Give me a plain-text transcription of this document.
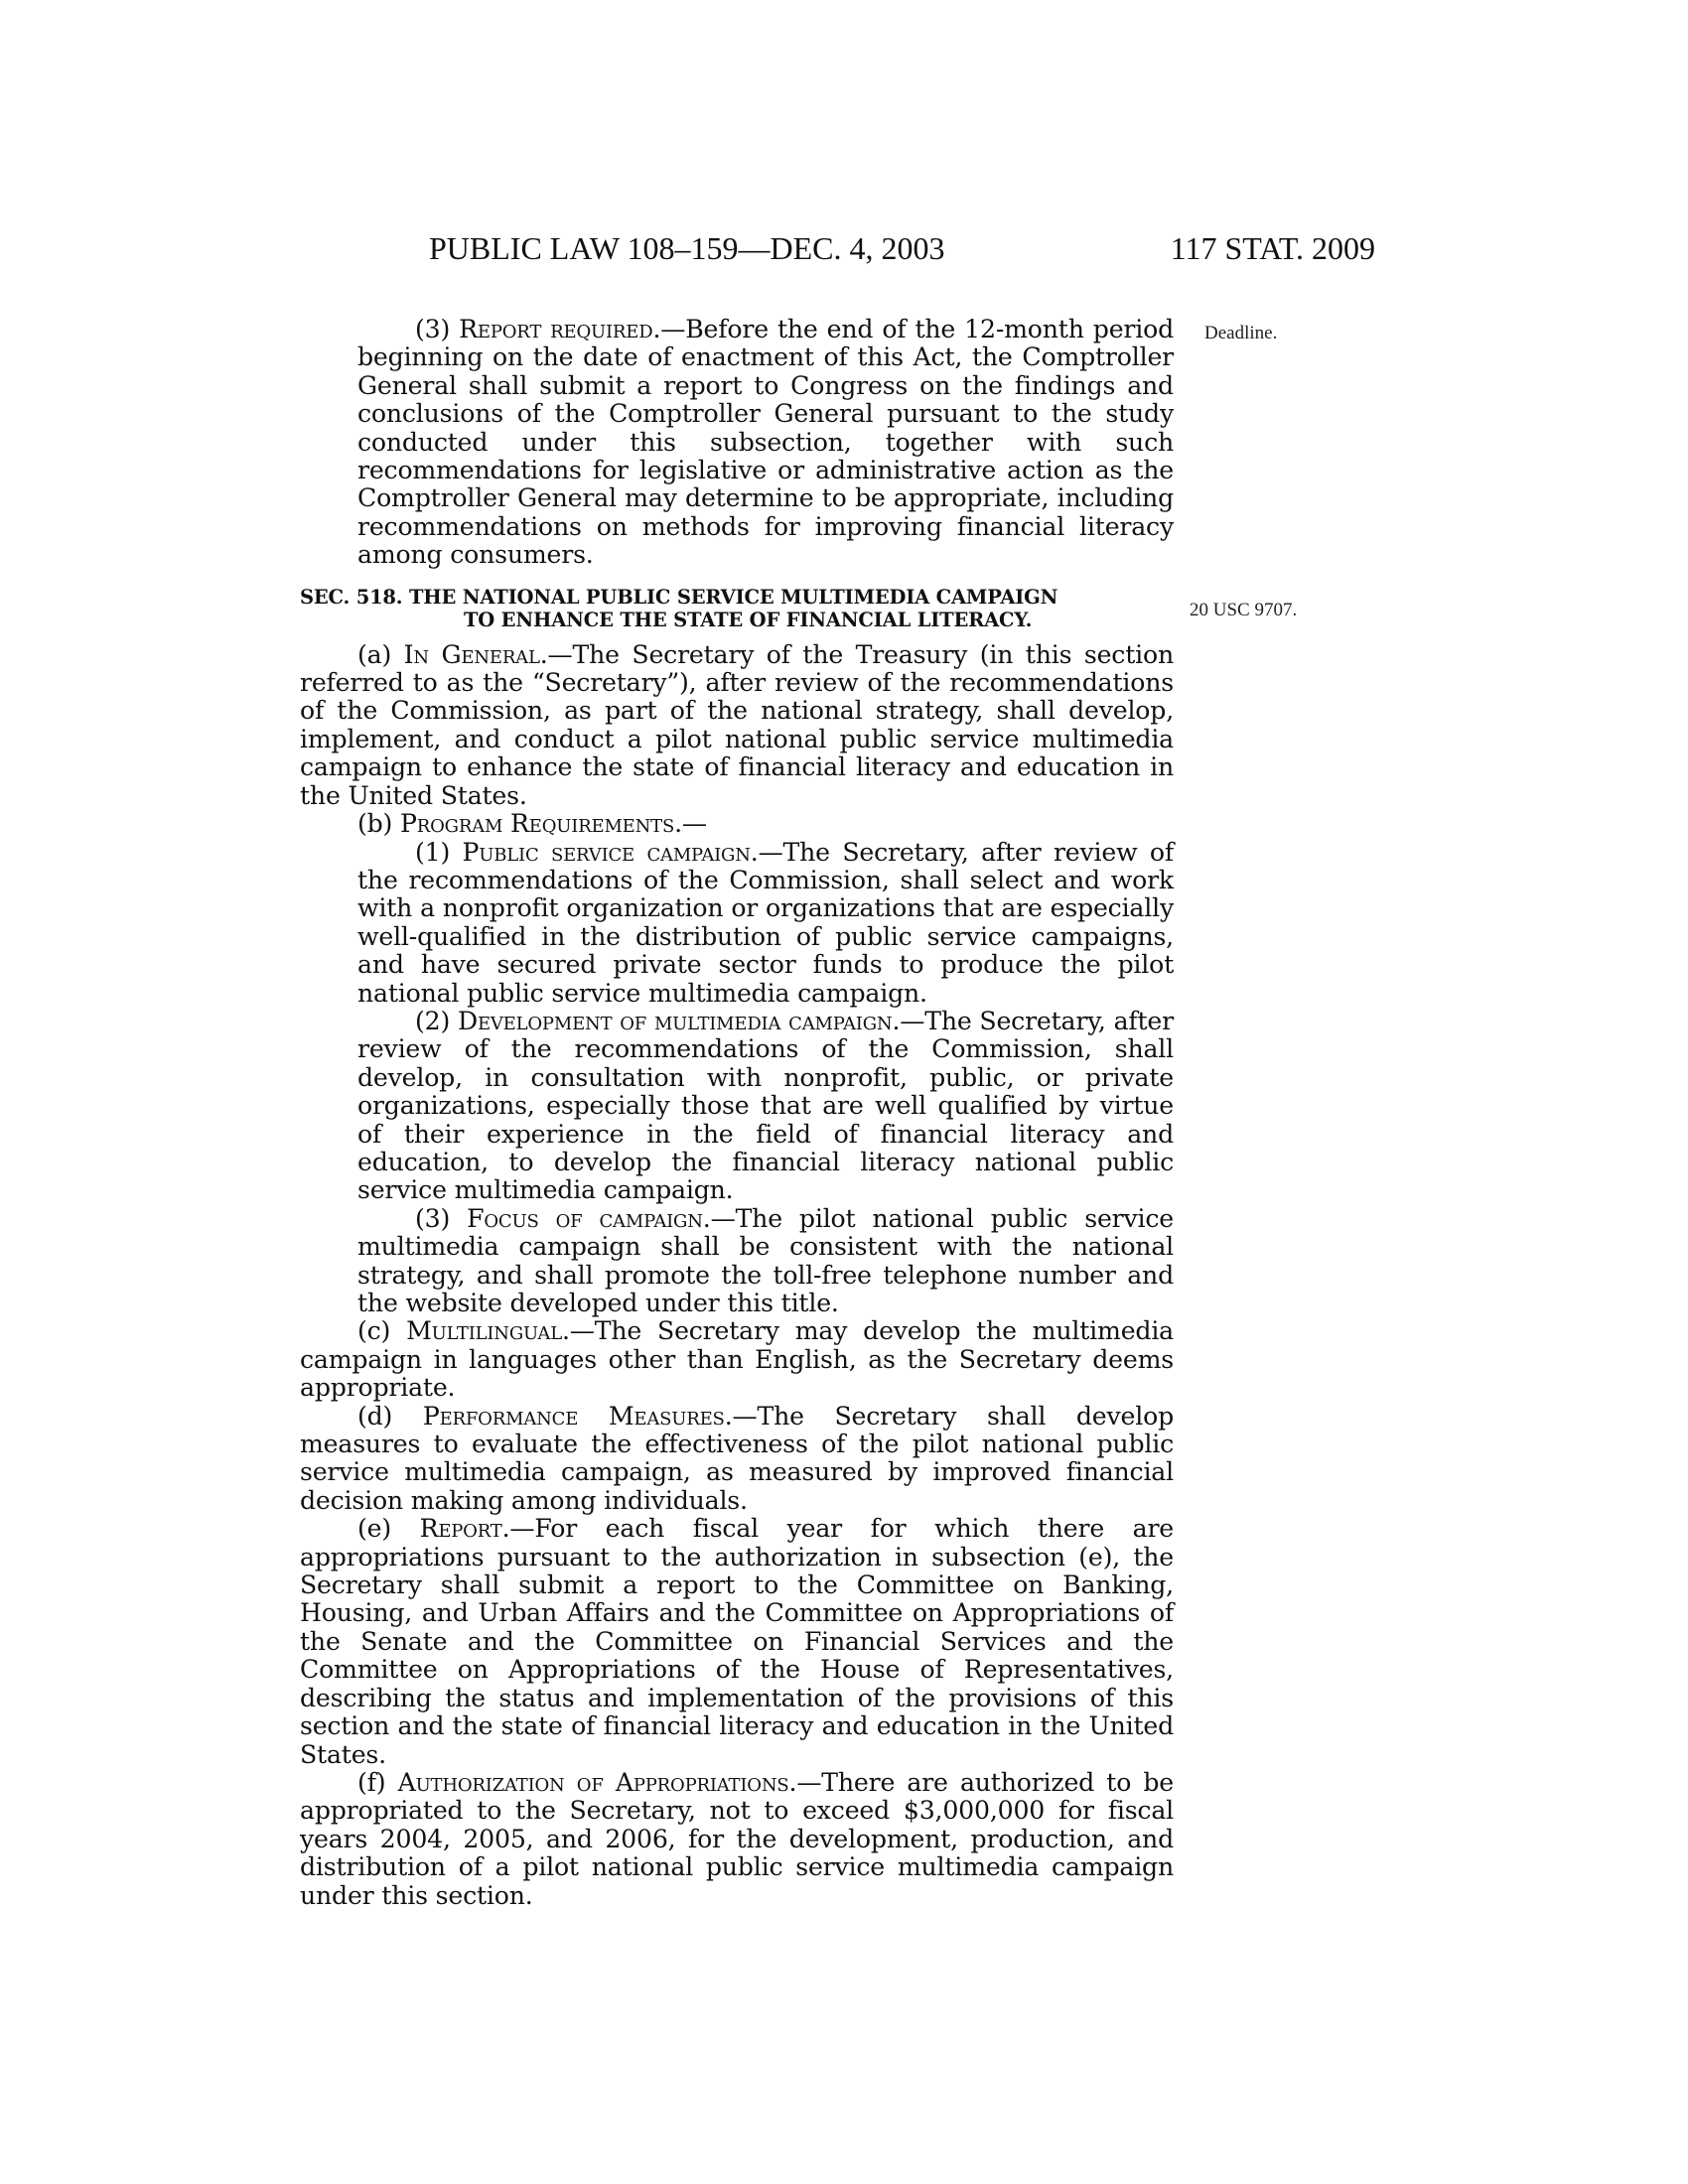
PUBLIC LAW 108–159—DEC. 4, 2003	117 STAT. 2009
Deadline.
20 USC 9707.

(3) Report required.—Before the end of the 12-month period beginning on the date of enactment of this Act, the Comptroller General shall submit a report to Congress on the findings and conclusions of the Comptroller General pursuant to the study conducted under this subsection, together with such recommendations for legislative or administrative action as the Comptroller General may determine to be appropriate, including recommendations on methods for improving financial literacy among consumers.

SEC. 518. THE NATIONAL PUBLIC SERVICE MULTIMEDIA CAMPAIGN
TO ENHANCE THE STATE OF FINANCIAL LITERACY.

(a) In General.—The Secretary of the Treasury (in this section referred to as the “Secretary”), after review of the recommendations of the Commission, as part of the national strategy, shall develop, implement, and conduct a pilot national public service multimedia campaign to enhance the state of financial literacy and education in the United States.

(b) Program Requirements.—

(1) Public service campaign.—The Secretary, after review of the recommendations of the Commission, shall select and work with a nonprofit organization or organizations that are especially well-qualified in the distribution of public service campaigns, and have secured private sector funds to produce the pilot national public service multimedia campaign.

(2) Development of multimedia campaign.—The Secretary, after review of the recommendations of the Commission, shall develop, in consultation with nonprofit, public, or private organizations, especially those that are well qualified by virtue of their experience in the field of financial literacy and education, to develop the financial literacy national public service multimedia campaign.

(3) Focus of campaign.—The pilot national public service multimedia campaign shall be consistent with the national strategy, and shall promote the toll-free telephone number and the website developed under this title.

(c) Multilingual.—The Secretary may develop the multimedia campaign in languages other than English, as the Secretary deems appropriate.

(d) Performance Measures.—The Secretary shall develop measures to evaluate the effectiveness of the pilot national public service multimedia campaign, as measured by improved financial decision making among individuals.

(e) Report.—For each fiscal year for which there are appropriations pursuant to the authorization in subsection (e), the Secretary shall submit a report to the Committee on Banking, Housing, and Urban Affairs and the Committee on Appropriations of the Senate and the Committee on Financial Services and the Committee on Appropriations of the House of Representatives, describing the status and implementation of the provisions of this section and the state of financial literacy and education in the United States.

(f) Authorization of Appropriations.—There are authorized to be appropriated to the Secretary, not to exceed $3,000,000 for fiscal years 2004, 2005, and 2006, for the development, production, and distribution of a pilot national public service multimedia campaign under this section.
